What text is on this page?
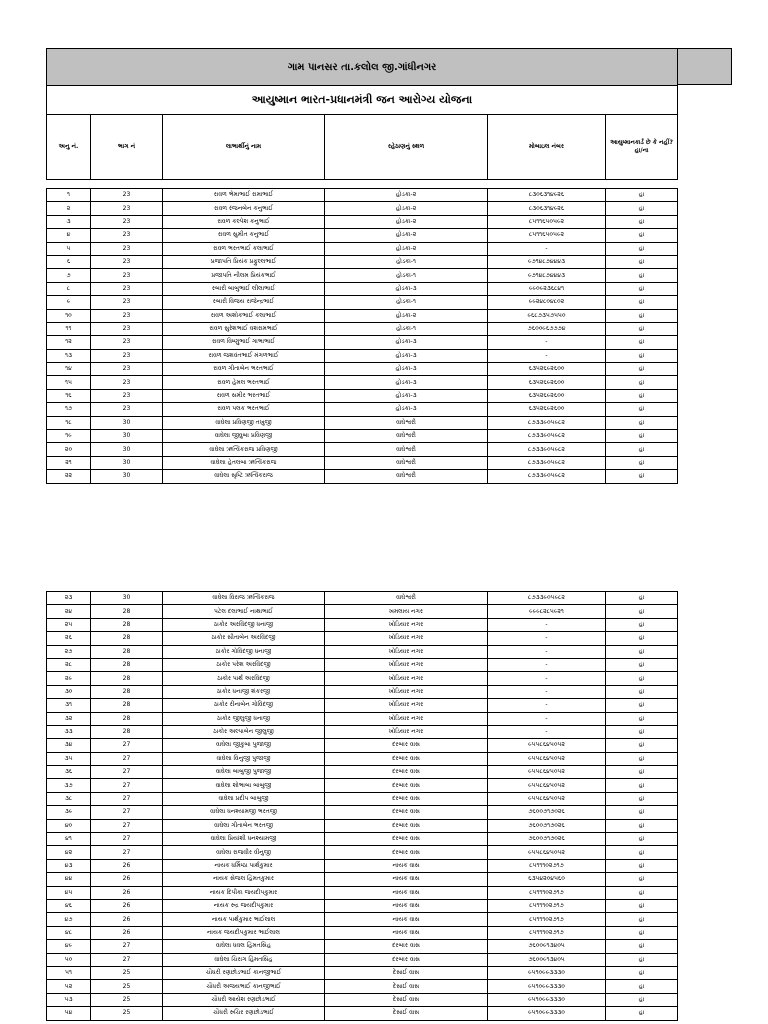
ગામ પાનસર તા.કલોલ જી.ગાંધીનગર					
આયુષ્માન ભારત-પ્રધાનમંત્રી જન આરોગ્ય યોજના					
અનુ નં.	ભાગ નં	લાભાર્થીનું નામ	રહેઠાણનું સ્થળ	મોબાઇલ નંબર	આયુષ્માનકાર્ડ છે કે નહીં? હા/ના

૧	23	રાવળ ભેમાભાઈ રામાભાઈ	હોડકા-૨	૮૩૦૬૩૧૪૯૨૬	હા
૨	23	રાવળ રંજનબેન કનુભાઈ	હોડકા-૨	૮૩૦૬૩૧૪૯૨૬	હા
૩	23	રાવળ કલ્પેશ કનુભાઈ	હોડકા-૨	૮૫૧૧૬૫૦૫૯૨	હા
૪	23	રાવળ સુમીત કનુભાઈ	હોડકા-૨	૮૫૧૧૬૫૦૫૯૨	હા
૫	23	રાવળ ભરતભાઈ કલાભાઈ	હોડકા-૨	-	હા
૬	23	પ્રજાપતિ પ્રિયંક પ્રફુલ્લભાઈ	હોડકા-૧	૯૭૧૪૮૭૪૪૪૩	હા
૭	23	પ્રજાપતિ નીલમ પ્રિયંકભાઈ	હોડકા-૧	૯૭૧૪૮૭૪૪૪૩	હા
૮	23	રબારી બાબુભાઈ લીલાભાઈ	હોડકા-૩	૯૯૦૯૨૩૬૮૪૧	હા
૯	23	રબારી વિજય રાજેન્દ્રભાઈ	હોડકા-૧	૯૯૨૪૮૦૪૮૦૨	હા
૧૦	23	રાવળ અશોકભાઈ કલાભાઈ	હોડકા-૨	૯૬૮૭૩૫૭૫૫૦	હા
૧૧	23	રાવળ સુરેશભાઈ વશરામભાઈ	હોડકા-૧	૭૬૦૦૯૬૭૭૭૪	હા
૧૨	23	રાવળ વિષ્ણુભાઈ ગાભાભાઈ	હોડકા-૩	-	હા
૧૩	23	રાવળ જશવંતભાઈ મંગળભાઈ	હોડકા-૩	-	હા
૧૪	23	રાવળ ગીતાબેન ભરતભાઈ	હોડકા-૩	૬૩૫૨૬૯૨૬૦૦	હા
૧૫	23	રાવળ હેમલ ભરતભાઈ	હોડકા-૩	૬૩૫૨૬૯૨૬૦૦	હા
૧૬	23	રાવળ સમીર ભરતભાઈ	હોડકા-૩	૬૩૫૨૬૯૨૬૦૦	હા
૧૭	23	રાવળ પલક ભરતભાઈ	હોડકા-૩	૬૩૫૨૬૯૨૬૦૦	હા
૧૮	30	વાઘેલા પ્રવિણજી તખુજી	વાઘેશ્વરી	૮૭૩૩૯૦૫૯૮૨	હા
૧૯	30	વાઘેલા જીવુબા પ્રવિણજી	વાઘેશ્વરી	૮૭૩૩૯૦૫૯૮૨	હા
૨૦	30	વાઘેલા ઋત્વિકરાજ પ્રવિણજી	વાઘેશ્વરી	૮૭૩૩૯૦૫૯૮૨	હા
૨૧	30	વાઘેલા હેતલબા ઋત્વિકરાજ	વાઘેશ્વરી	૮૭૩૩૯૦૫૯૮૨	હા
૨૨	30	વાઘેલા સૃષ્ટિ ઋત્વિકરાજ	વાઘેશ્વરી	૮૭૩૩૯૦૫૯૮૨	હા
૨૩	30	વાઘેલા વિરાજ ઋત્વિકરાજ	વાઘેશ્વરી	૮૭૩૩૯૦૫૯૮૨	હા
૨૪	28	પટેલ દલાભાઈ નાથાભાઈ	ખમલાય નગર	૯૯૯૮૨૮૫૯૨૧	હા
૨૫	28	ઠાકોર અરવિંદજી ધનાજી	ખોડિયાર નગર	-	હા
૨૬	28	ઠાકોર સીતાબેન અરવિંદજી	ખોડિયાર નગર	-	હા
૨૭	28	ઠાકોર ગોવિંદજી ધનાજી	ખોડિયાર નગર	-	હા
૨૮	28	ઠાકોર પરેશ અરવિંદજી	ખોડિયાર નગર	-	હા
૨૯	28	ઠાકોર પાર્થ અરવિંદજી	ખોડિયાર નગર	-	હા
૩૦	28	ઠાકોર ધનાજી શંકરજી	ખોડિયાર નગર	-	હા
૩૧	28	ઠાકોર રીનાબેન ગોવિંદજી	ખોડિયાર નગર	-	હા
૩૨	28	ઠાકોર જીલુજી ધનાજી	ખોડિયાર નગર	-	હા
૩૩	28	ઠાકોર અલ્પાબેન જીલુજી	ખોડિયાર નગર	-	હા
૩૪	27	વાઘેલા જીકુબા પુજાજી	દરબાર વાસ	૯૫૫૮૬૪૫૦૫૨	હા
૩૫	27	વાઘેલા વિનુજી પુજાજી	દરબાર વાસ	૯૫૫૮૬૪૫૦૫૨	હા
૩૬	27	વાઘેલા બાબુજી પુજાજી	દરબાર વાસ	૯૫૫૮૬૪૫૦૫૨	હા
૩૭	27	વાઘેલા શોભાબા બાબુજી	દરબાર વાસ	૯૫૫૮૬૪૫૦૫૨	હા
૩૮	27	વાઘેલા પ્રદીપ બાબુજી	દરબાર વાસ	૯૫૫૮૬૪૫૦૫૨	હા
૩૯	27	વાઘેલા ધનશ્યામજી ભરતજી	દરબાર વાસ	૭૬૦૦૭૧૭૦૨૬	હા
૪૦	27	વાઘેલા ગીતાબેન ભરતજી	દરબાર વાસ	૭૬૦૦૭૧૭૦૨૬	હા
૪૧	27	વાઘેલા પ્રિયાંશી ધનશ્યામજી	દરબાર વાસ	૭૬૦૦૭૧૭૦૨૬	હા
૪૨	27	વાઘેલા રાજવીર વીનુજી	દરબાર વાસ	૯૫૫૮૬૪૫૦૫૨	હા
૪૩	26	નાયક ધર્મિષ્ઠા પાર્થકુમાર	નાયક વાસ	૮૫૧૧૧૦૨૭૧૭	હા
૪૪	26	નાયક સેજલ હિંમતકુમાર	નાયક વાસ	૬૩૫૪૨૦૪૫૬૦	હા
૪૫	26	નાયક દિપીકા જયદીપકુમાર	નાયક વાસ	૮૫૧૧૧૦૨૭૧૭	હા
૪૬	26	નાયક રુદ્ર જયદીપકુમાર	નાયક વાસ	૮૫૧૧૧૦૨૭૧૭	હા
૪૭	26	નાયક પાર્થકુમાર ભાઈલાલ	નાયક વાસ	૮૫૧૧૧૦૨૭૧૭	હા
૪૮	26	નાયક જયદીપકુમાર ભાઈલાલ	નાયક વાસ	૮૫૧૧૧૦૨૭૧૭	હા
૪૯	27	વાઘેલા ધવલ હિંમતસિંહ	દરબાર વાસ	૭૬૦૦૯૧૩૪૦૫	હા
૫૦	27	વાઘેલા ચિરાગ હિંમતસિંહ	દરબાર વાસ	૭૬૦૦૯૧૩૪૦૫	હા
૫૧	25	ચૌધરી રણછોડભાઈ કાનજીભાઈ	દેસાઈ વાસ	૯૫૧૦૯૯૩૩૩૦	હા
૫૨	25	ચૌધરી અજયભાઈ કાનજીભાઈ	દેસાઈ વાસ	૯૫૧૦૯૯૩૩૩૦	હા
૫૩	25	ચૌધરી આયેશ રણછોડભાઈ	દેસાઈ વાસ	૯૫૧૦૯૯૩૩૩૦	હા
૫૪	25	ચૌધરી રુચિર રણછોડભાઈ	દેસાઈ વાસ	૯૫૧૦૯૯૩૩૩૦	હા
